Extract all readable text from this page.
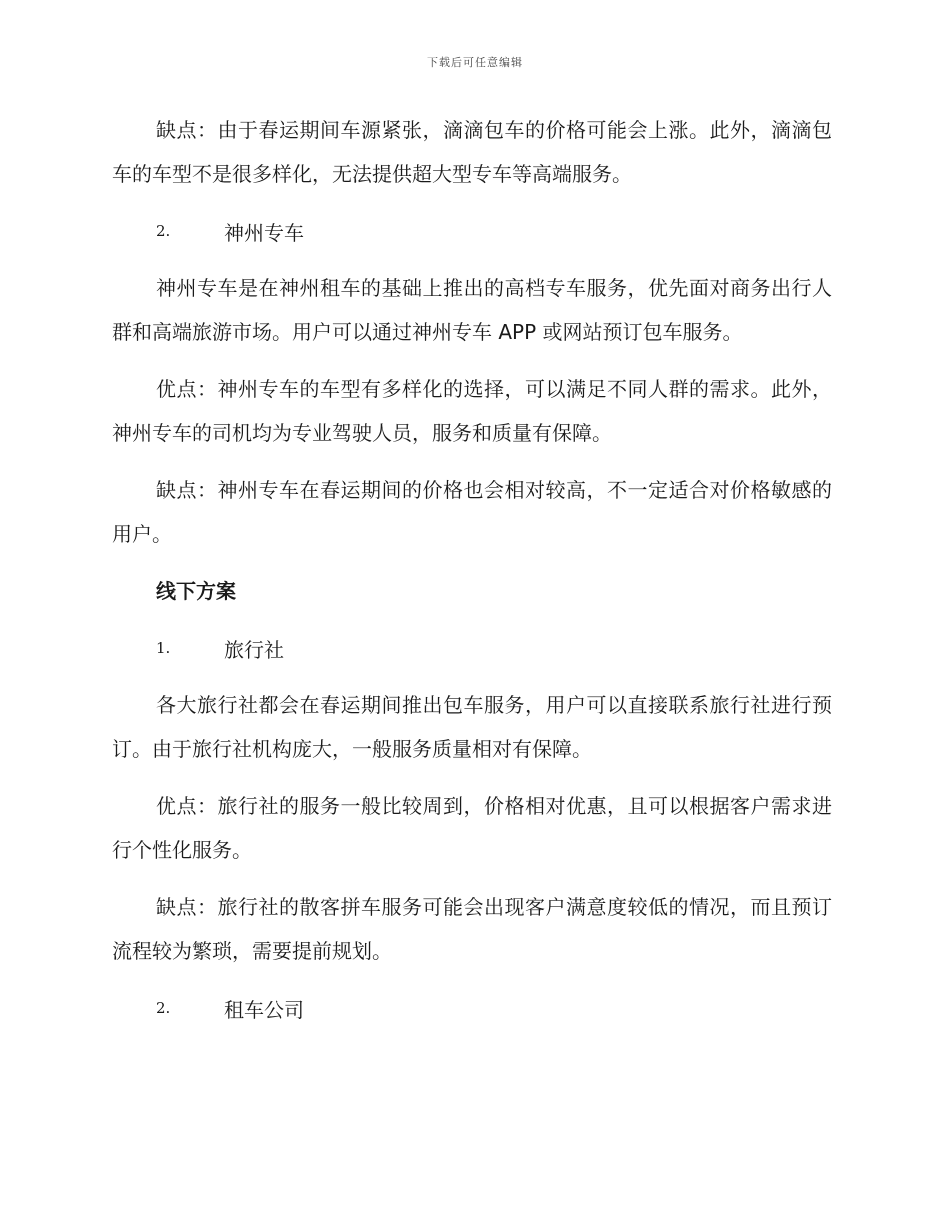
下载后可任意编辑

缺点：由于春运期间车源紧张，滴滴包车的价格可能会上涨。此外，滴滴包车的车型不是很多样化，无法提供超大型专车等高端服务。

2.	神州专车

神州专车是在神州租车的基础上推出的高档专车服务，优先面对商务出行人群和高端旅游市场。用户可以通过神州专车 APP 或网站预订包车服务。

优点：神州专车的车型有多样化的选择，可以满足不同人群的需求。此外，神州专车的司机均为专业驾驶人员，服务和质量有保障。

缺点：神州专车在春运期间的价格也会相对较高，不一定适合对价格敏感的用户。

线下方案
1.	旅行社

各大旅行社都会在春运期间推出包车服务，用户可以直接联系旅行社进行预订。由于旅行社机构庞大，一般服务质量相对有保障。

优点：旅行社的服务一般比较周到，价格相对优惠，且可以根据客户需求进行个性化服务。

缺点：旅行社的散客拼车服务可能会出现客户满意度较低的情况，而且预订流程较为繁琐，需要提前规划。

2.	租车公司
